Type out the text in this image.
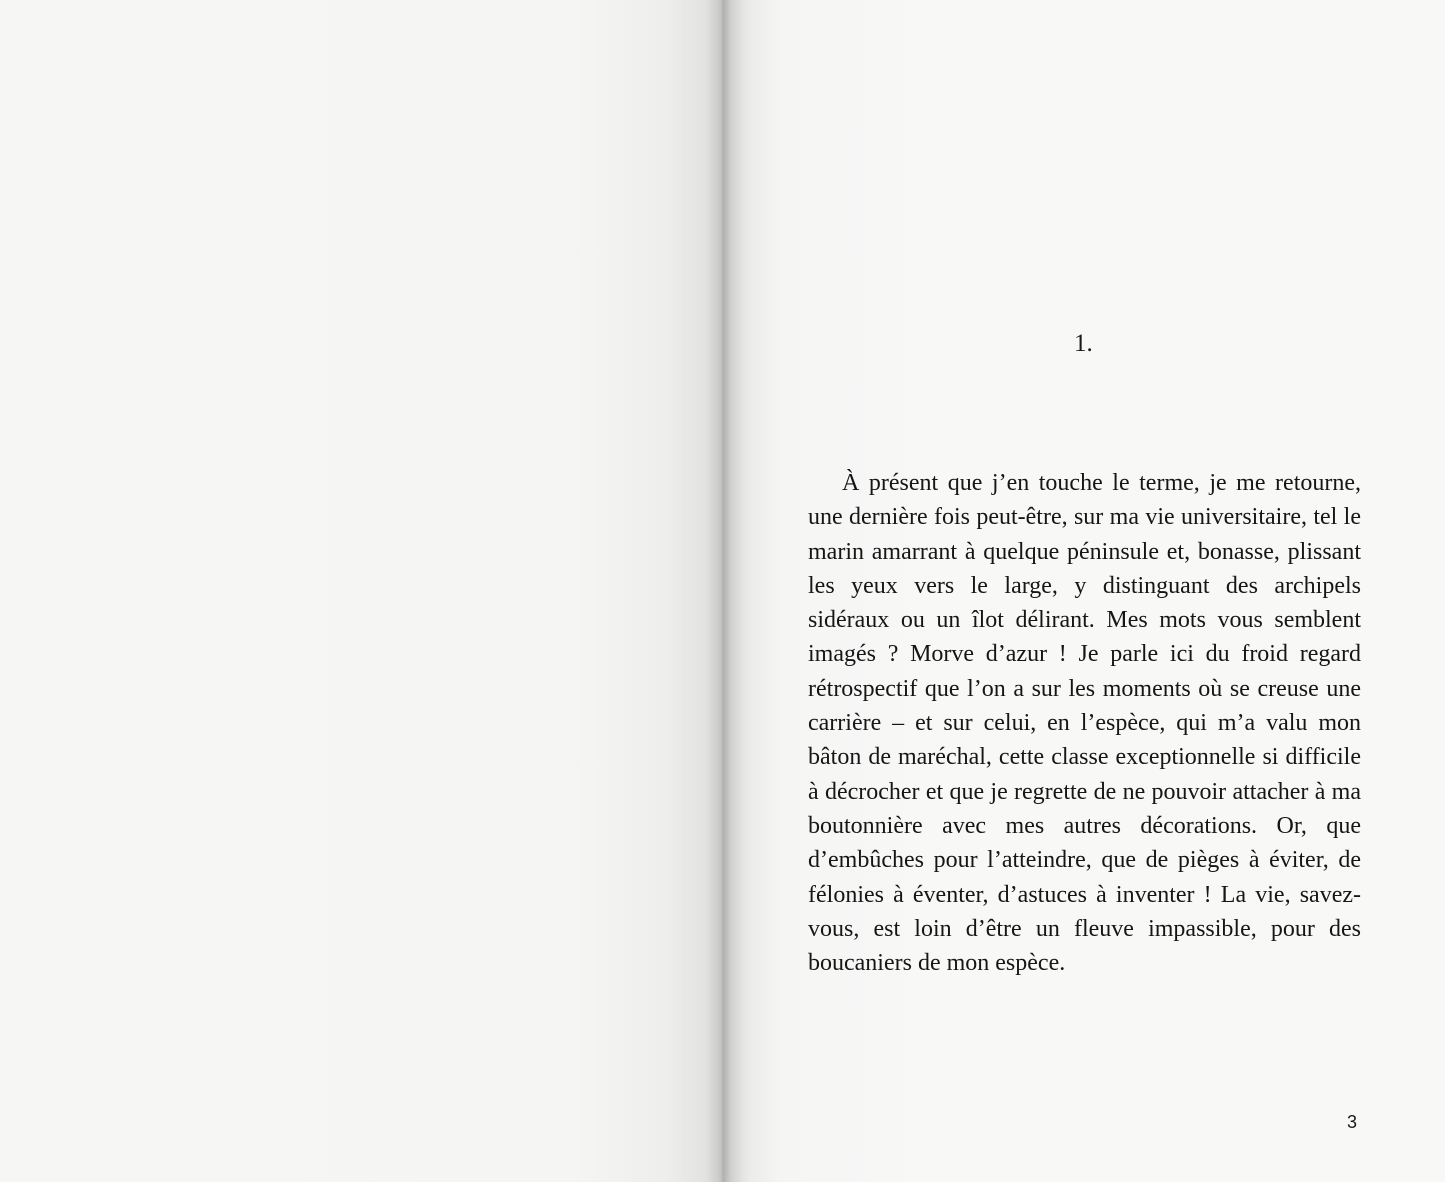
1.

À présent que j’en touche le terme, je me retourne, une dernière fois peut-être, sur ma vie universitaire, tel le marin amarrant à quelque péninsule et, bonasse, plissant les yeux vers le large, y distinguant des archipels sidéraux ou un îlot délirant. Mes mots vous semblent imagés ? Morve d’azur ! Je parle ici du froid regard rétrospectif que l’on a sur les moments où se creuse une carrière – et sur celui, en l’espèce, qui m’a valu mon bâton de maréchal, cette classe exceptionnelle si difficile à décrocher et que je regrette de ne pouvoir attacher à ma boutonnière avec mes autres décorations. Or, que d’embûches pour l’atteindre, que de pièges à éviter, de félonies à éventer, d’astuces à inventer ! La vie, savez-vous, est loin d’être un fleuve impassible, pour des boucaniers de mon espèce.

3
